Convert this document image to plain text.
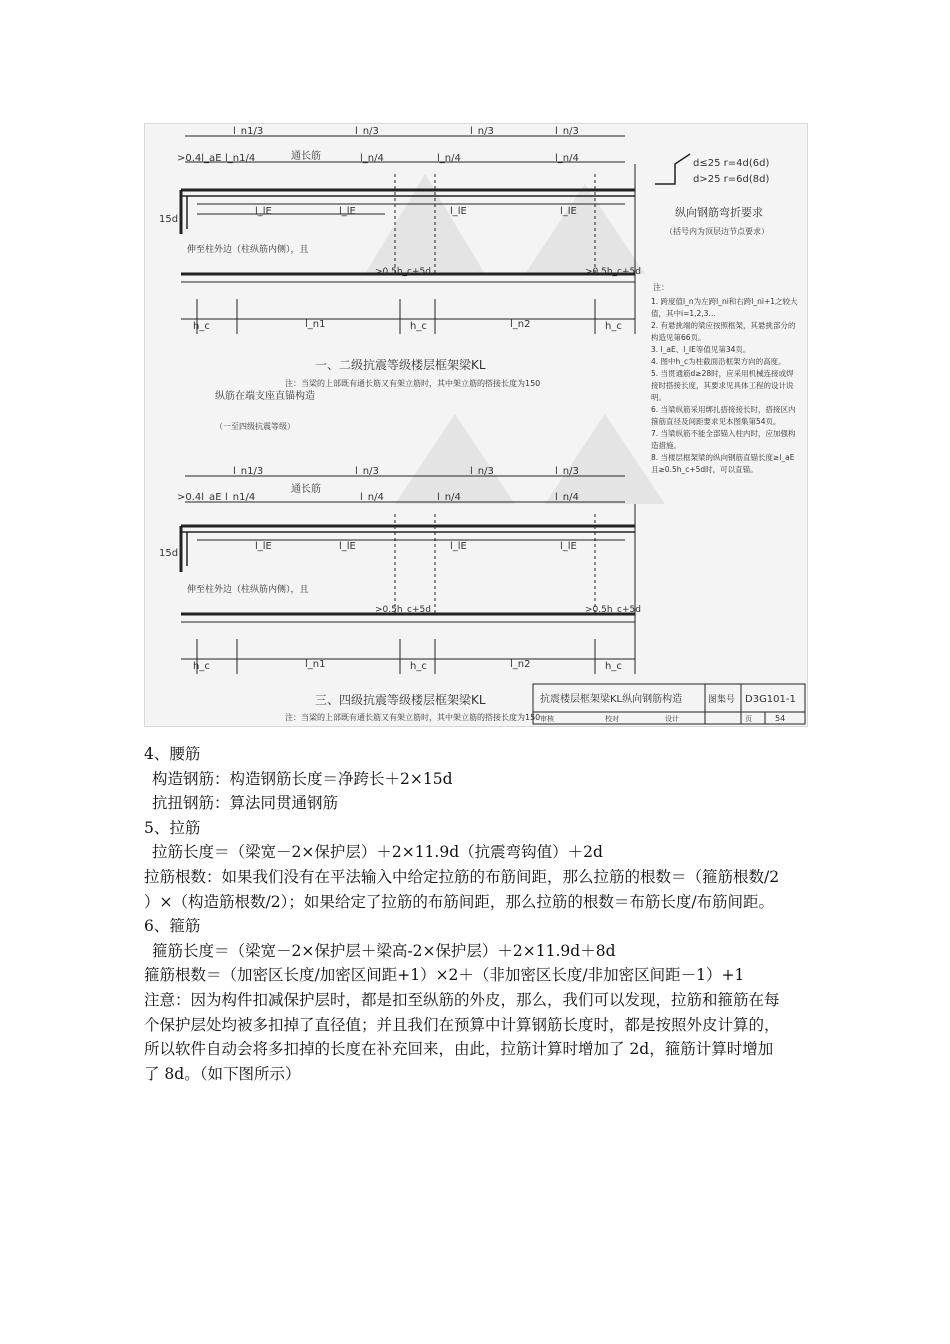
l_n1/3	l_n/3	l_n/3	l_n/3
>0.4l_aE l_n1/4	l_n/4	l_n/4	l_n/4
通长筋
15d
l_lE	l_lE	l_lE	l_lE
伸至柱外边（柱纵筋内侧），且
>0.5h_c+5d	>0.5h_c+5d
h_c	h_c	h_c
l_n1	l_n2
一、二级抗震等级楼层框架梁KL
注：当梁的上部既有通长筋又有架立筋时，其中架立筋的搭接长度为150
纵筋在端支座直锚构造
（一至四级抗震等级）
l_n1/3	l_n/3	l_n/3	l_n/3
>0.4l_aE l_n1/4	l_n/4	l_n/4	l_n/4
通长筋
15d
l_lE	l_lE	l_lE	l_lE
伸至柱外边（柱纵筋内侧），且
>0.5h_c+5d	>0.5h_c+5d
h_c	h_c	h_c
l_n1	l_n2
三、四级抗震等级楼层框架梁KL
注：当梁的上部既有通长筋又有架立筋时，其中架立筋的搭接长度为150
d≤25 r=4d(6d)
d>25 r=6d(8d)
纵向钢筋弯折要求
（括号内为顶层边节点要求）
注：
1. 跨度值l_n为左跨l_ni和右跨l_ni+1之较大值，其中i=1,2,3…
2. 有悬挑端的梁应按照框架，其悬挑部分的构造见第66页。
3. l_aE、l_lE等值见第34页。
4. 图中h_c为柱截面沿框架方向的高度。
5. 当贯通筋d≥28时，应采用机械连接或焊接时搭接长度，其要求见具体工程的设计说明。
6. 当梁纵筋采用绑扎搭接接长时，搭接区内箍筋直径及间距要求见本图集第54页。
7. 当梁纵筋不能全部锚入柱内时，应加强构造措施。
8. 当楼层框架梁的纵向钢筋直锚长度≥l_aE且≥0.5h_c+5d时，可以直锚。
抗震楼层框架梁KL纵向钢筋构造	图集号 D3G101-1
审核	校对	设计	页	54

4、腰筋

构造钢筋：构造钢筋长度＝净跨长＋2×15d

抗扭钢筋：算法同贯通钢筋

5、拉筋

拉筋长度＝（梁宽－2×保护层）＋2×11.9d（抗震弯钩值）＋2d

拉筋根数：如果我们没有在平法输入中给定拉筋的布筋间距，那么拉筋的根数＝（箍筋根数/2

）×（构造筋根数/2）；如果给定了拉筋的布筋间距，那么拉筋的根数＝布筋长度/布筋间距。

6、箍筋

箍筋长度＝（梁宽－2×保护层＋梁高-2×保护层）＋2×11.9d＋8d

箍筋根数＝（加密区长度/加密区间距+1）×2＋（非加密区长度/非加密区间距－1）+1

注意：因为构件扣减保护层时，都是扣至纵筋的外皮，那么，我们可以发现，拉筋和箍筋在每

个保护层处均被多扣掉了直径值；并且我们在预算中计算钢筋长度时，都是按照外皮计算的，

所以软件自动会将多扣掉的长度在补充回来，由此，拉筋计算时增加了 2d，箍筋计算时增加

了 8d。（如下图所示）
